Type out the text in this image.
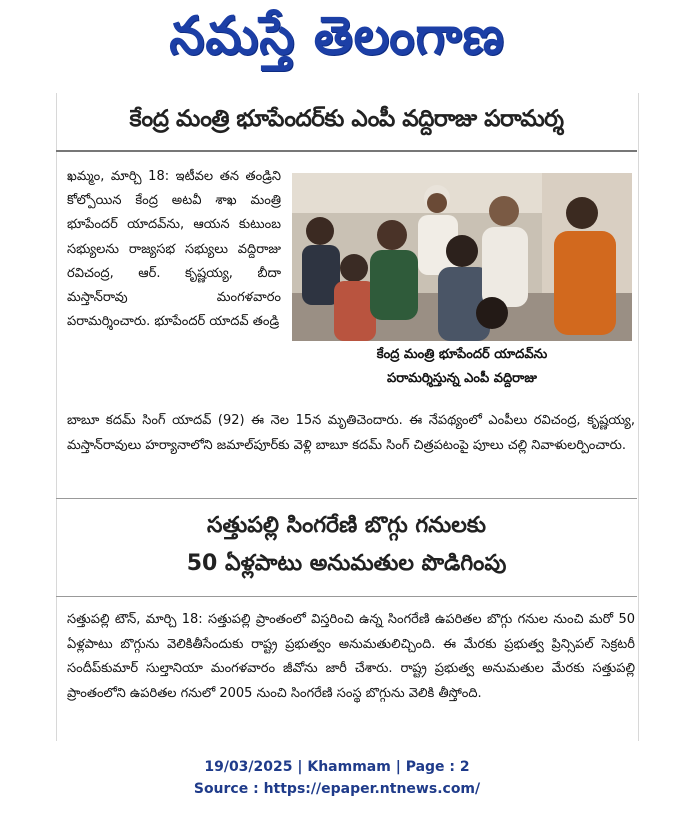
నమస్తే తెలంగాణ
కేంద్ర మంత్రి భూపేందర్‌కు ఎంపీ వద్దిరాజు పరామర్శ

ఖమ్మం, మార్చి 18: ఇటీవల తన తండ్రిని కోల్పోయిన కేంద్ర అటవీ శాఖ మంత్రి భూపేందర్ యాదవ్‌ను, ఆయన కుటుంబ సభ్యులను రాజ్యసభ సభ్యులు వద్దిరాజు రవిచంద్ర, ఆర్. కృష్ణయ్య, బీదా మస్తాన్‌రావు మంగళవారం పరామర్శించారు. భూపేందర్ యాదవ్ తండ్రి

కేంద్ర మంత్రి భూపేందర్ యాదవ్‌ను
పరామర్శిస్తున్న ఎంపీ వద్దిరాజు

బాబూ కదమ్ సింగ్ యాదవ్ (92) ఈ నెల 15న మృతిచెందారు. ఈ నేపథ్యంలో ఎంపీలు రవిచంద్ర, కృష్ణయ్య, మస్తాన్‌రావులు హర్యానాలోని జమాల్‌పూర్‌కు వెళ్లి బాబూ కదమ్ సింగ్ చిత్రపటంపై పూలు చల్లి నివాళులర్పించారు.

సత్తుపల్లి సింగరేణి బొగ్గు గనులకు
50 ఏళ్లపాటు అనుమతుల పొడిగింపు

సత్తుపల్లి టౌన్, మార్చి 18: సత్తుపల్లి ప్రాంతంలో విస్తరించి ఉన్న సింగరేణి ఉపరితల బొగ్గు గనుల నుంచి మరో 50 ఏళ్లపాటు బొగ్గును వెలికితీసేందుకు రాష్ట్ర ప్రభుత్వం అనుమతులిచ్చింది. ఈ మేరకు ప్రభుత్వ ప్రిన్సిపల్ సెక్రటరీ సందీప్‌కుమార్ సుల్తానియా మంగళవారం జీవోను జారీ చేశారు. రాష్ట్ర ప్రభుత్వ అనుమతుల మేరకు సత్తుపల్లి ప్రాంతంలోని ఉపరితల గనులో 2005 నుంచి సింగరేణి సంస్థ బొగ్గును వెలికి తీస్తోంది.

19/03/2025 | Khammam | Page : 2
Source : https://epaper.ntnews.com/
